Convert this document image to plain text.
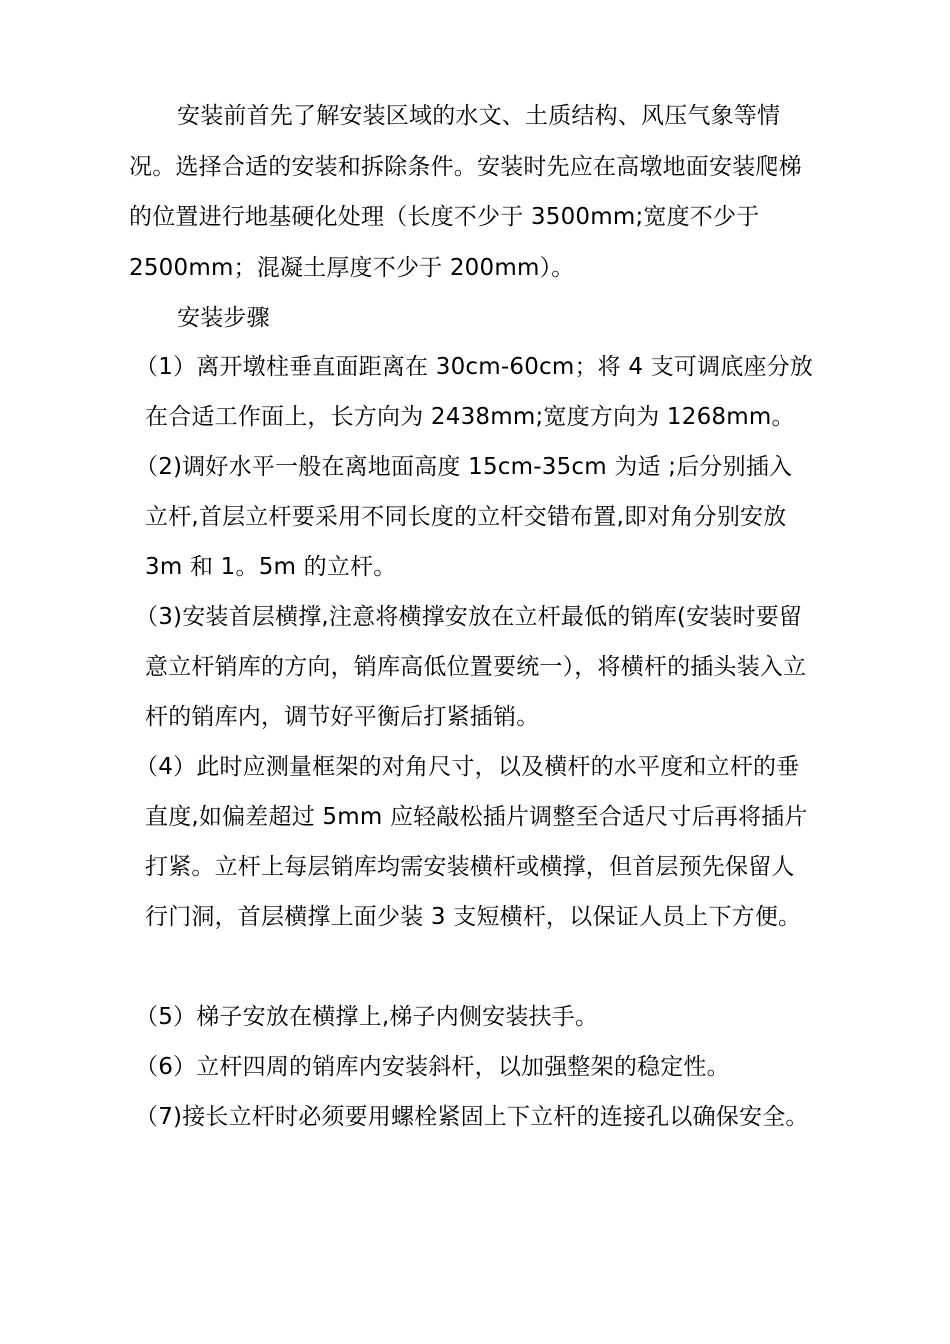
安装前首先了解安装区域的水文、土质结构、风压气象等情况。选择合适的安装和拆除条件。安装时先应在高墩地面安装爬梯的位置进行地基硬化处理（长度不少于 3500mm;宽度不少于 2500mm；混凝土厚度不少于 200mm）。

安装步骤

（1）离开墩柱垂直面距离在 30cm-60cm；将 4 支可调底座分放在合适工作面上，长方向为 2438mm;宽度方向为 1268mm。

（2)调好水平一般在离地面高度 15cm-35cm 为适 ;后分别插入立杆,首层立杆要采用不同长度的立杆交错布置,即对角分别安放 3m 和 1。5m 的立杆。

（3)安装首层横撑,注意将横撑安放在立杆最低的销库(安装时要留意立杆销库的方向，销库高低位置要统一），将横杆的插头装入立杆的销库内，调节好平衡后打紧插销。

（4）此时应测量框架的对角尺寸，以及横杆的水平度和立杆的垂直度,如偏差超过 5mm 应轻敲松插片调整至合适尺寸后再将插片打紧。立杆上每层销库均需安装横杆或横撑，但首层预先保留人行门洞，首层横撑上面少装 3 支短横杆，以保证人员上下方便。

（5）梯子安放在横撑上,梯子内侧安装扶手。

（6）立杆四周的销库内安装斜杆，以加强整架的稳定性。

（7)接长立杆时必须要用螺栓紧固上下立杆的连接孔以确保安全。
